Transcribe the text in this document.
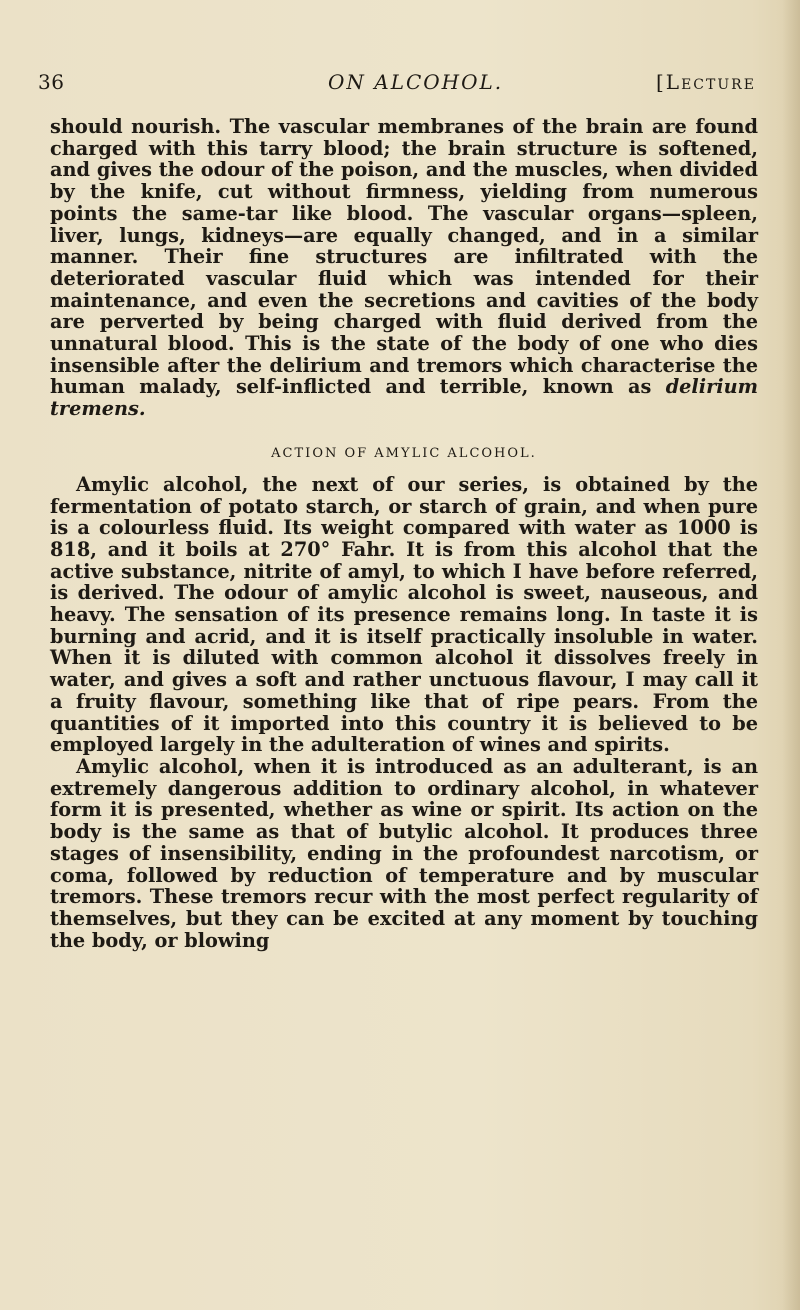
36	ON ALCOHOL.	[Lecture

should nourish. The vascular membranes of the brain are found charged with this tarry blood; the brain structure is softened, and gives the odour of the poison, and the muscles, when divided by the knife, cut without firmness, yielding from numerous points the same-tar like blood. The vascular organs—spleen, liver, lungs, kidneys—are equally changed, and in a similar manner. Their fine structures are infiltrated with the deteriorated vascular fluid which was intended for their maintenance, and even the secretions and cavities of the body are perverted by being charged with fluid derived from the unnatural blood. This is the state of the body of one who dies insensible after the delirium and tremors which characterise the human malady, self-inflicted and terrible, known as delirium tremens.

ACTION OF AMYLIC ALCOHOL.

Amylic alcohol, the next of our series, is obtained by the fermentation of potato starch, or starch of grain, and when pure is a colourless fluid. Its weight compared with water as 1000 is 818, and it boils at 270° Fahr. It is from this alcohol that the active substance, nitrite of amyl, to which I have before referred, is derived. The odour of amylic alcohol is sweet, nauseous, and heavy. The sensation of its presence remains long. In taste it is burning and acrid, and it is itself practically insoluble in water. When it is diluted with common alcohol it dissolves freely in water, and gives a soft and rather unctuous flavour, I may call it a fruity flavour, something like that of ripe pears. From the quantities of it imported into this country it is believed to be employed largely in the adulteration of wines and spirits.

Amylic alcohol, when it is introduced as an adulterant, is an extremely dangerous addition to ordinary alcohol, in whatever form it is presented, whether as wine or spirit. Its action on the body is the same as that of butylic alcohol. It produces three stages of insensibility, ending in the profoundest narcotism, or coma, followed by reduction of temperature and by muscular tremors. These tremors recur with the most perfect regularity of themselves, but they can be excited at any moment by touching the body, or blowing
